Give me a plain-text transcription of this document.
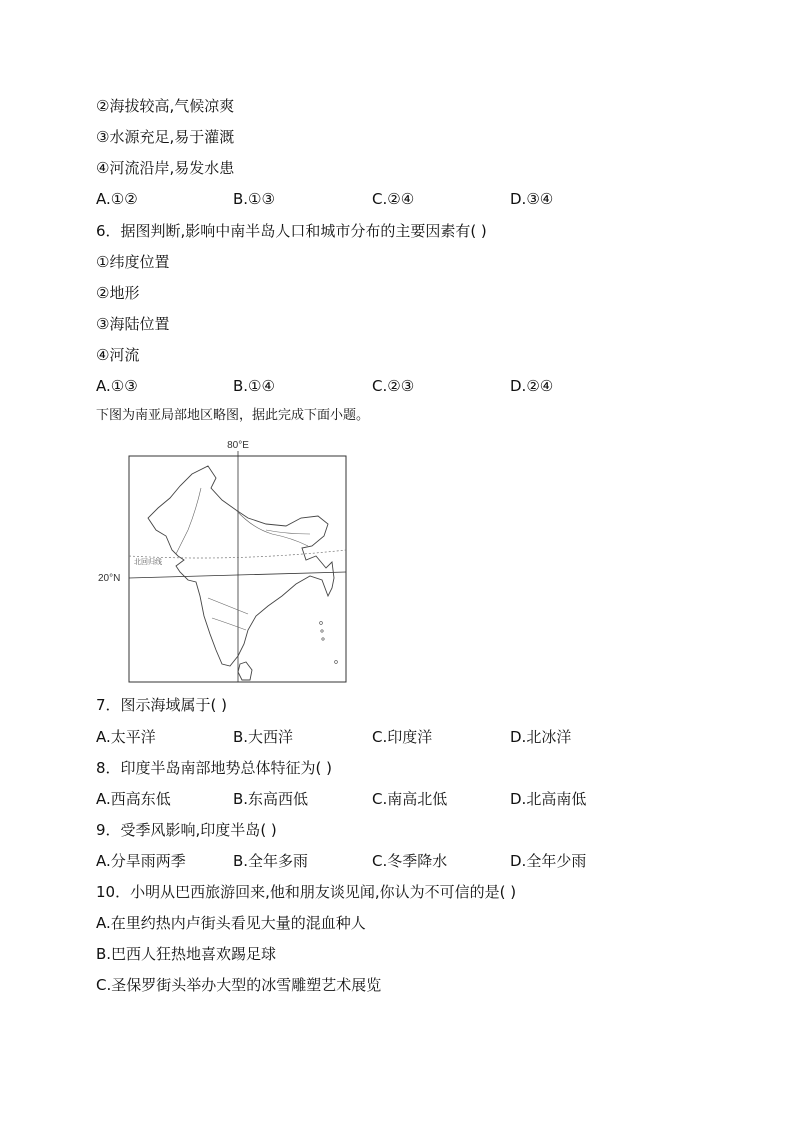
②海拔较高,气候凉爽
③水源充足,易于灌溉
④河流沿岸,易发水患
A.①②	B.①③	C.②④	D.③④
6．据图判断,影响中南半岛人口和城市分布的主要因素有( )
①纬度位置
②地形
③海陆位置
④河流
A.①③	B.①④	C.②③	D.②④
下图为南亚局部地区略图，据此完成下面小题。
80°E
20°N
北回归线
7．图示海域属于( )
A.太平洋	B.大西洋	C.印度洋	D.北冰洋
8．印度半岛南部地势总体特征为( )
A.西高东低	B.东高西低	C.南高北低	D.北高南低
9．受季风影响,印度半岛( )
A.分旱雨两季	B.全年多雨	C.冬季降水	D.全年少雨
10．小明从巴西旅游回来,他和朋友谈见闻,你认为不可信的是( )
A.在里约热内卢街头看见大量的混血种人
B.巴西人狂热地喜欢踢足球
C.圣保罗街头举办大型的冰雪雕塑艺术展览
